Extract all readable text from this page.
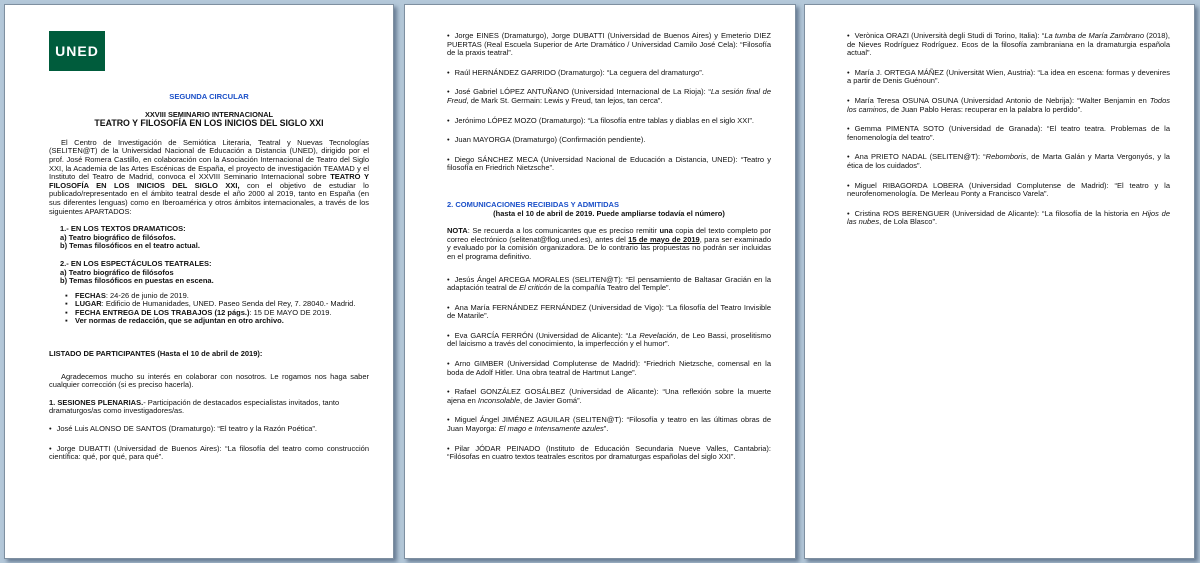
UNED

SEGUNDA CIRCULAR

XXVIII SEMINARIO INTERNACIONAL

TEATRO Y FILOSOFÍA EN LOS INICIOS DEL SIGLO XXI

El Centro de Investigación de Semiótica Literaria, Teatral y Nuevas Tecnologías (SELITEN@T) de la Universidad Nacional de Educación a Distancia (UNED), dirigido por el prof. José Romera Castillo, en colaboración con la Asociación Internacional de Teatro del Siglo XXI, la Academia de las Artes Escénicas de España, el proyecto de investigación TEAMAD y el Instituto del Teatro de Madrid, convoca el XXVIII Seminario Internacional sobre TEATRO Y FILOSOFÍA EN LOS INICIOS DEL SIGLO XXI, con el objetivo de estudiar lo publicado/representado en el ámbito teatral desde el año 2000 al 2019, tanto en España (en sus diferentes lenguas) como en Iberoamérica y otros ámbitos internacionales, a través de los siguientes APARTADOS:

1.- EN LOS TEXTOS DRAMATICOS:
a) Teatro biográfico de filósofos.
b) Temas filosóficos en el teatro actual.
2.- EN LOS ESPECTÁCULOS TEATRALES:
a) Teatro biográfico de filósofos
b) Temas filosóficos en puestas en escena.
▪ FECHAS: 24-26 de junio de 2019.
▪ LUGAR: Edificio de Humanidades, UNED. Paseo Senda del Rey, 7. 28040.- Madrid.
▪ FECHA ENTREGA DE LOS TRABAJOS (12 págs.): 15 DE MAYO DE 2019.
▪ Ver normas de redacción, que se adjuntan en otro archivo.

LISTADO DE PARTICIPANTES (Hasta el 10 de abril de 2019):

Agradecemos mucho su interés en colaborar con nosotros. Le rogamos nos haga saber cualquier corrección (si es preciso hacerla).

1. SESIONES PLENARIAS.- Participación de destacados especialistas invitados, tanto dramaturgos/as como investigadores/as.

• José Luis ALONSO DE SANTOS (Dramaturgo): “El teatro y la Razón Poética”.

• Jorge DUBATTI (Universidad de Buenos Aires): “La filosofía del teatro como construcción científica: qué, por qué, para qué”.

• Jorge EINES (Dramaturgo), Jorge DUBATTI (Universidad de Buenos Aires) y Emeterio DIEZ PUERTAS (Real Escuela Superior de Arte Dramático / Universidad Camilo José Cela): “Filosofía de la praxis teatral”.

• Raúl HERNÁNDEZ GARRIDO (Dramaturgo): “La ceguera del dramaturgo”.

• José Gabriel LÓPEZ ANTUÑANO (Universidad Internacional de La Rioja): “La sesión final de Freud, de Mark St. Germain: Lewis y Freud, tan lejos, tan cerca”.

• Jerónimo LÓPEZ MOZO (Dramaturgo): “La filosofía entre tablas y diablas en el siglo XXI”.

• Juan MAYORGA (Dramaturgo) (Confirmación pendiente).

• Diego SÁNCHEZ MECA (Universidad Nacional de Educación a Distancia, UNED): “Teatro y filosofía en Friedrich Nietzsche”.

2. COMUNICACIONES RECIBIDAS Y ADMITIDAS

(hasta el 10 de abril de 2019. Puede ampliarse todavía el número)

NOTA: Se recuerda a los comunicantes que es preciso remitir una copia del texto completo por correo electrónico (selitenat@flog.uned.es), antes del 15 de mayo de 2019, para ser examinado y evaluado por la comisión organizadora. De lo contrario las propuestas no podrán ser incluidas en el programa definitivo.

• Jesús Ángel ARCEGA MORALES (SELITEN@T): “El pensamiento de Baltasar Gracián en la adaptación teatral de El criticón de la compañía Teatro del Temple”.

• Ana María FERNÁNDEZ FERNÁNDEZ (Universidad de Vigo): “La filosofía del Teatro Invisible de Matarile”.

• Eva GARCÍA FERRÓN (Universidad de Alicante): “La Revelación, de Leo Bassi, proselitismo del laicismo a través del conocimiento, la imperfección y el humor”.

• Arno GIMBER (Universidad Complutense de Madrid): “Friedrich Nietzsche, comensal en la boda de Adolf Hitler. Una obra teatral de Hartmut Lange”.

• Rafael GONZÁLEZ GOSÁLBEZ (Universidad de Alicante): “Una reflexión sobre la muerte ajena en Inconsolable, de Javier Gomá”.

• Miguel Ángel JIMÉNEZ AGUILAR (SELITEN@T): “Filosofía y teatro en las últimas obras de Juan Mayorga: El mago e Intensamente azules”.

• Pilar JÓDAR PEINADO (Instituto de Educación Secundaria Nueve Valles, Cantabria): “Filósofas en cuatro textos teatrales escritos por dramaturgas españolas del siglo XXI”.

• Verònica ORAZI (Università degli Studi di Torino, Italia): “La tumba de María Zambrano (2018), de Nieves Rodríguez Rodríguez. Ecos de la filosofía zambraniana en la dramaturgia española actual”.

• María J. ORTEGA MÁÑEZ (Universität Wien, Austria): “La idea en escena: formas y devenires a partir de Denis Guénoun”.

• María Teresa OSUNA OSUNA (Universidad Antonio de Nebrija): “Walter Benjamin en Todos los caminos, de Juan Pablo Heras: recuperar en la palabra lo perdido”.

• Gemma PIMENTA SOTO (Universidad de Granada): “El teatro teatra. Problemas de la fenomenología del teatro”.

• Ana PRIETO NADAL (SELITEN@T): “Rebomboris, de Marta Galán y Marta Vergonyós, y la ética de los cuidados”.

• Miguel RIBAGORDA LOBERA (Universidad Complutense de Madrid): “El teatro y la neurofenomenología. De Merleau Ponty a Francisco Varela”.

• Cristina ROS BERENGUER (Universidad de Alicante): “La filosofía de la historia en Hijos de las nubes, de Lola Blasco”.
